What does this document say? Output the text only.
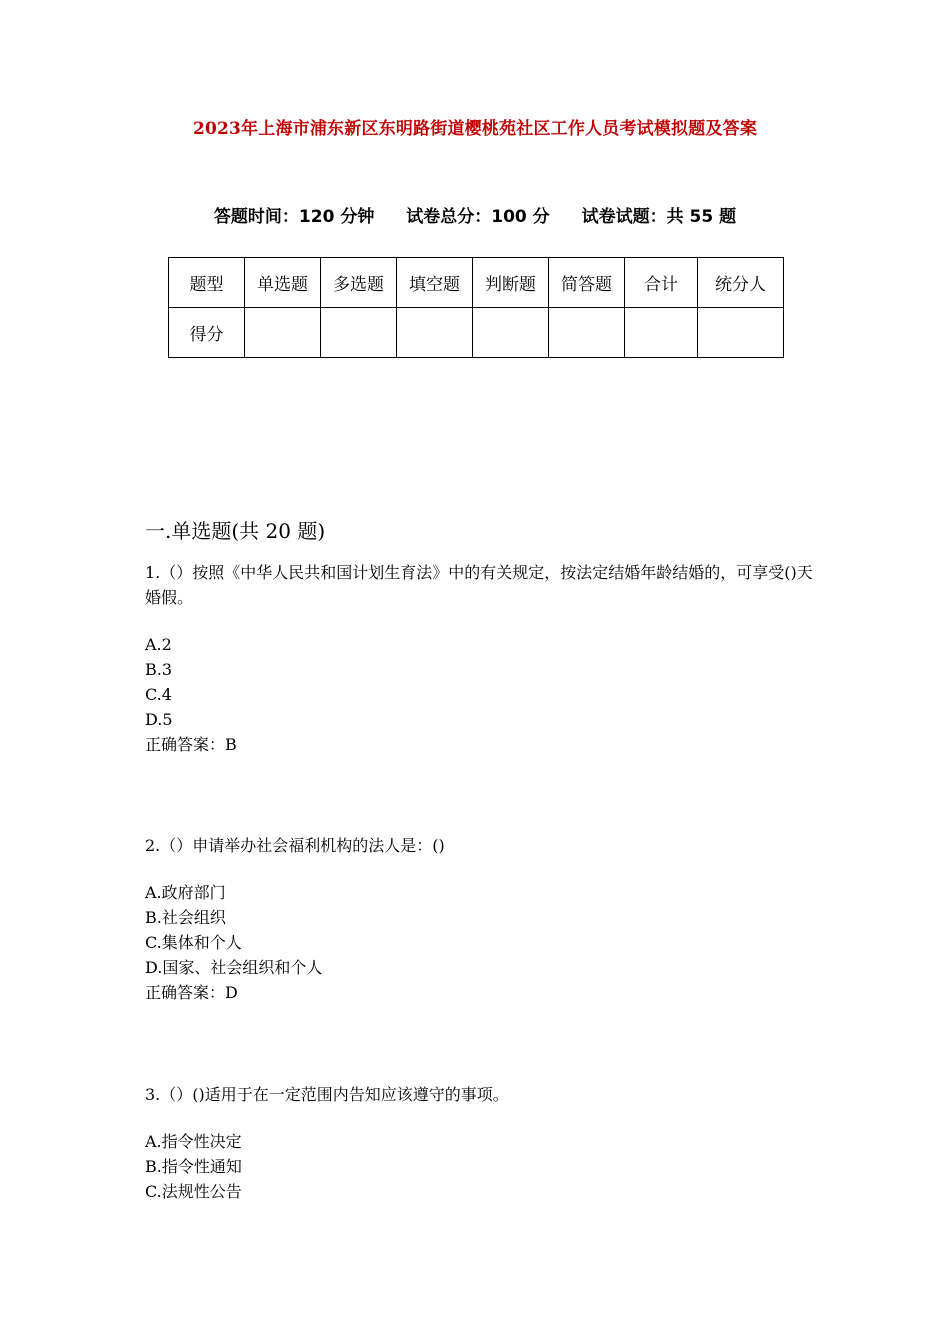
2023年上海市浦东新区东明路街道樱桃苑社区工作人员考试模拟题及答案
答题时间：120 分钟 试卷总分：100 分 试卷试题：共 55 题
题型	单选题	多选题	填空题	判断题	简答题	合计	统分人
得分							
一.单选题(共 20 题)
1.（）按照《中华人民共和国计划生育法》中的有关规定，按法定结婚年龄结婚的，可享受()天婚假。
A.2
B.3
C.4
D.5
正确答案：B
2.（）申请举办社会福利机构的法人是：()
A.政府部门
B.社会组织
C.集体和个人
D.国家、社会组织和个人
正确答案：D
3.（）()适用于在一定范围内告知应该遵守的事项。
A.指令性决定
B.指令性通知
C.法规性公告
